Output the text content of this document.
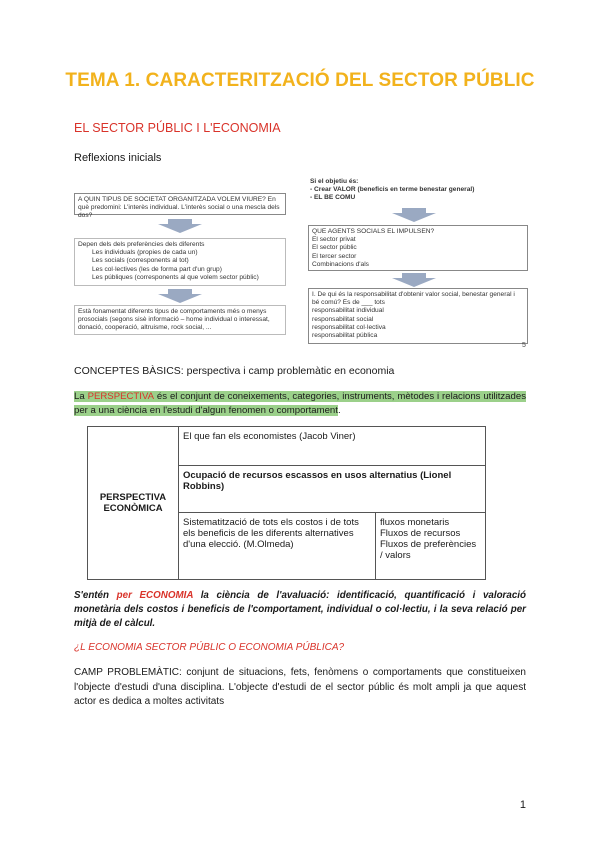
TEMA 1. CARACTERITZACIÓ DEL SECTOR PÚBLIC
EL SECTOR PÚBLIC I L'ECONOMIA
Reflexions inicials

A QUIN TIPUS DE SOCIETAT ORGANITZADA VOLEM VIURE? En què predomini: L'interès individual. L'interès social o una mescla dels dos?

Depen dels dels preferències dels diferents

Les individuals (propies de cada un)

Les socials (corresponents al tot)

Les col·lectives (les de forma part d'un grup)

Les públiques (corresponents al que volem sector públic)

Està fonamentat diferents tipus de comportaments més o menys

prosocials (segons sisè informació – home individual o interessat,

donació, cooperació, altruisme, rock social, ...

Si el objetiu és:

- Crear VALOR (beneficis en terme benestar general)

- EL BE COMÚ

QUE AGENTS SOCIALS EL IMPULSEN?

El sector privat

El sector públic

El tercer sector

Combinacions d'als

I. De qui és la responsabilitat d'obtenir valor social, benestar general i

bé comú? És de ___ tots

responsabilitat individual

responsabilitat social

responsabilitat col·lectiva

responsabilitat pública

5
CONCEPTES BÀSICS: perspectiva i camp problemàtic en economia
La PERSPECTIVA és el conjunt de coneixements, categories, instruments, mètodes i relacions utilitzades per a una ciència en l'estudi d'algun fenomen o comportament.
PERSPECTIVA ECONÒMICA	El que fan els economistes (Jacob Viner)	
	Ocupació de recursos escassos en usos alternatius (Lionel Robbins)	
	Sistematització de tots els costos i de tots els beneficis de les diferents alternatives d'una elecció. (M.Olmeda)	fluxos monetaris
Fluxos de recursos
Fluxos de preferències / valors
S'entén per ECONOMIA la ciència de l'avaluació: identificació, quantificació i valoració monetària dels costos i beneficis de l'comportament, individual o col·lectiu, i la seva relació per mitjà de el càlcul.
¿L ECONOMIA SECTOR PÚBLIC O ECONOMIA PÚBLICA?
CAMP PROBLEMÀTIC: conjunt de situacions, fets, fenòmens o comportaments que constitueixen l'objecte d'estudi d'una disciplina. L'objecte d'estudi de el sector públic és molt ampli ja que aquest actor es dedica a moltes activitats
1
